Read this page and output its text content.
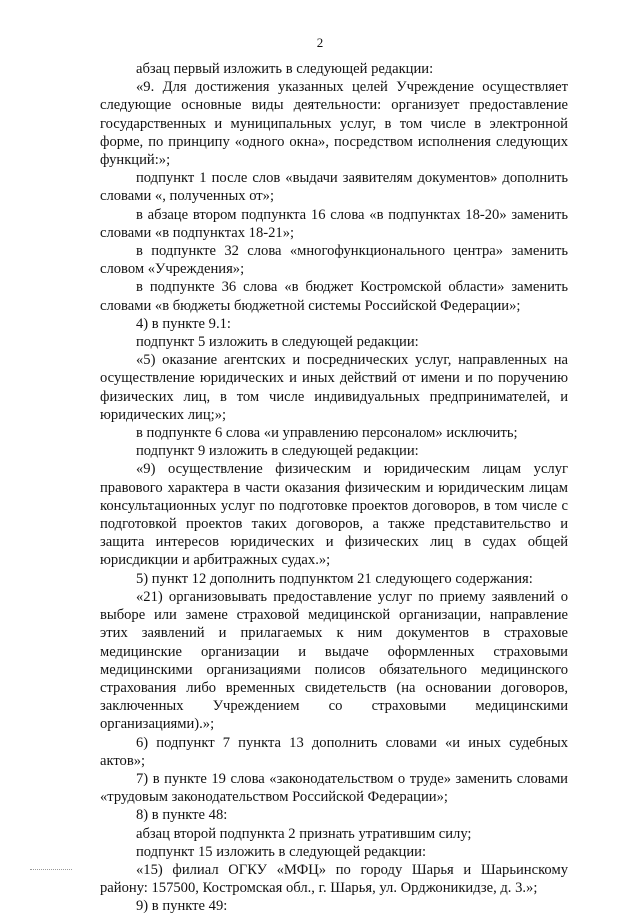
2

абзац первый изложить в следующей редакции:

«9. Для достижения указанных целей Учреждение осуществляет следующие основные виды деятельности: организует предоставление государственных и муниципальных услуг, в том числе в электронной форме, по принципу «одного окна», посредством исполнения следующих функций:»;

подпункт 1 после слов «выдачи заявителям документов» дополнить словами «, полученных от»;

в абзаце втором подпункта 16 слова «в подпунктах 18-20» заменить словами «в подпунктах 18-21»;

в подпункте 32 слова «многофункционального центра» заменить словом «Учреждения»;

в подпункте 36 слова «в бюджет Костромской области» заменить словами «в бюджеты бюджетной системы Российской Федерации»;

4) в пункте 9.1:

подпункт 5 изложить в следующей редакции:

«5) оказание агентских и посреднических услуг, направленных на осуществление юридических и иных действий от имени и по поручению физических лиц, в том числе индивидуальных предпринимателей, и юридических лиц;»;

в подпункте 6 слова «и управлению персоналом» исключить;

подпункт 9 изложить в следующей редакции:

«9) осуществление физическим и юридическим лицам услуг правового характера в части оказания физическим и юридическим лицам консультационных услуг по подготовке проектов договоров, в том числе с подготовкой проектов таких договоров, а также представительство и защита интересов юридических и физических лиц в судах общей юрисдикции и арбитражных судах.»;

5) пункт 12 дополнить подпунктом 21 следующего содержания:

«21) организовывать предоставление услуг по приему заявлений о выборе или замене страховой медицинской организации, направление этих заявлений и прилагаемых к ним документов в страховые медицинские организации и выдаче оформленных страховыми медицинскими организациями полисов обязательного медицинского страхования либо временных свидетельств (на основании договоров, заключенных Учреждением со страховыми медицинскими организациями).»;

6) подпункт 7 пункта 13 дополнить словами «и иных судебных актов»;

7) в пункте 19 слова «законодательством о труде» заменить словами «трудовым законодательством Российской Федерации»;

8) в пункте 48:

абзац второй подпункта 2 признать утратившим силу;

подпункт 15 изложить в следующей редакции:

«15) филиал ОГКУ «МФЦ» по городу Шарья и Шарьинскому району: 157500, Костромская обл., г. Шарья, ул. Орджоникидзе, д. 3.»;

9) в пункте 49:
